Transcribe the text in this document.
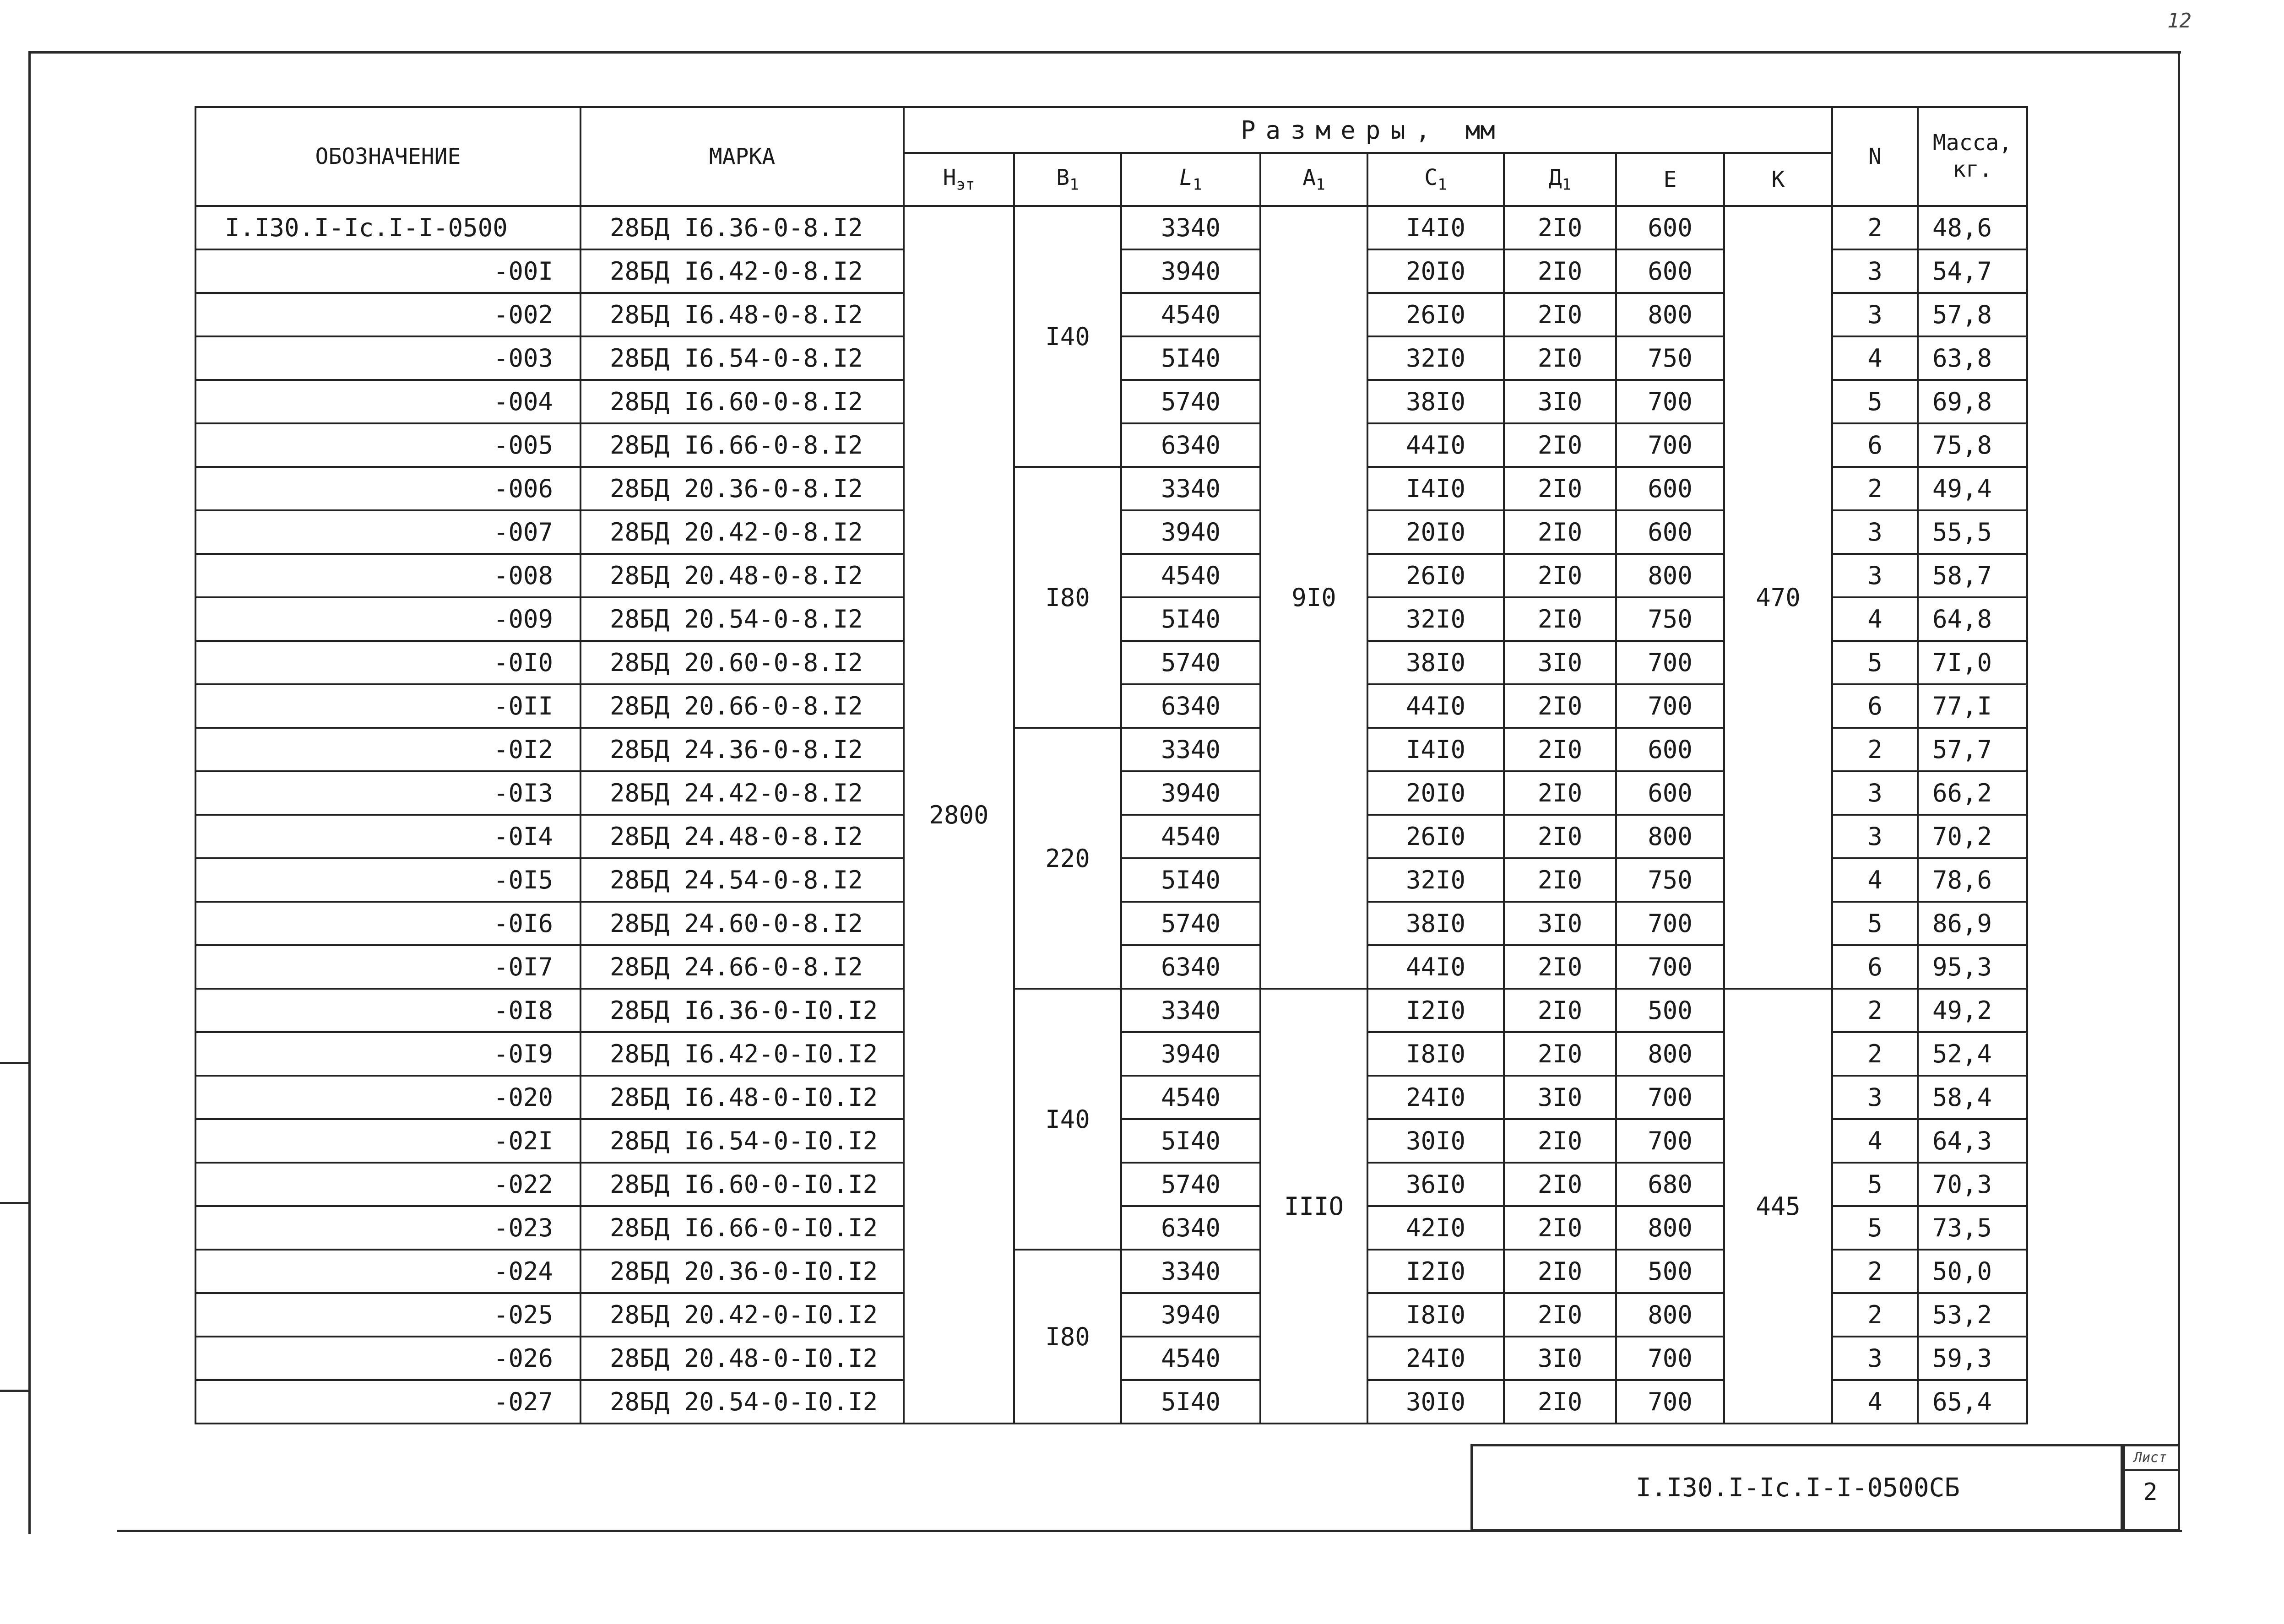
12
ОБОЗНАЧЕНИЕ	МАРКА	Размеры, мм								N	Масса, кг.
		$Н_{эт}$	$В_1$	$L_1$	$А_1$	$С_1$	$Д_1$	Е	К		
I.I30.I-Ic.I-I-0500	28БД I6.36-0-8.I2	2800	I40	3340	9I0	I4I0	2I0	600	470	2	48,6
-00I	28БД I6.42-0-8.I2			3940		20I0	2I0	600		3	54,7
-002	28БД I6.48-0-8.I2			4540		26I0	2I0	800		3	57,8
-003	28БД I6.54-0-8.I2			5I40		32I0	2I0	750		4	63,8
-004	28БД I6.60-0-8.I2			5740		38I0	3I0	700		5	69,8
-005	28БД I6.66-0-8.I2			6340		44I0	2I0	700		6	75,8
-006	28БД 20.36-0-8.I2		I80	3340		I4I0	2I0	600		2	49,4
-007	28БД 20.42-0-8.I2			3940		20I0	2I0	600		3	55,5
-008	28БД 20.48-0-8.I2			4540		26I0	2I0	800		3	58,7
-009	28БД 20.54-0-8.I2			5I40		32I0	2I0	750		4	64,8
-0I0	28БД 20.60-0-8.I2			5740		38I0	3I0	700		5	7I,0
-0II	28БД 20.66-0-8.I2			6340		44I0	2I0	700		6	77,I
-0I2	28БД 24.36-0-8.I2		220	3340		I4I0	2I0	600		2	57,7
-0I3	28БД 24.42-0-8.I2			3940		20I0	2I0	600		3	66,2
-0I4	28БД 24.48-0-8.I2			4540		26I0	2I0	800		3	70,2
-0I5	28БД 24.54-0-8.I2			5I40		32I0	2I0	750		4	78,6
-0I6	28БД 24.60-0-8.I2			5740		38I0	3I0	700		5	86,9
-0I7	28БД 24.66-0-8.I2			6340		44I0	2I0	700		6	95,3
-0I8	28БД I6.36-0-I0.I2		I40	3340	IIIO	I2I0	2I0	500	445	2	49,2
-0I9	28БД I6.42-0-I0.I2			3940		I8I0	2I0	800		2	52,4
-020	28БД I6.48-0-I0.I2			4540		24I0	3I0	700		3	58,4
-02I	28БД I6.54-0-I0.I2			5I40		30I0	2I0	700		4	64,3
-022	28БД I6.60-0-I0.I2			5740		36I0	2I0	680		5	70,3
-023	28БД I6.66-0-I0.I2			6340		42I0	2I0	800		5	73,5
-024	28БД 20.36-0-I0.I2		I80	3340		I2I0	2I0	500		2	50,0
-025	28БД 20.42-0-I0.I2			3940		I8I0	2I0	800		2	53,2
-026	28БД 20.48-0-I0.I2			4540		24I0	3I0	700		3	59,3
-027	28БД 20.54-0-I0.I2			5I40		30I0	2I0	700		4	65,4
I.I30.I-Ic.I-I-0500СБ
Лист
2
